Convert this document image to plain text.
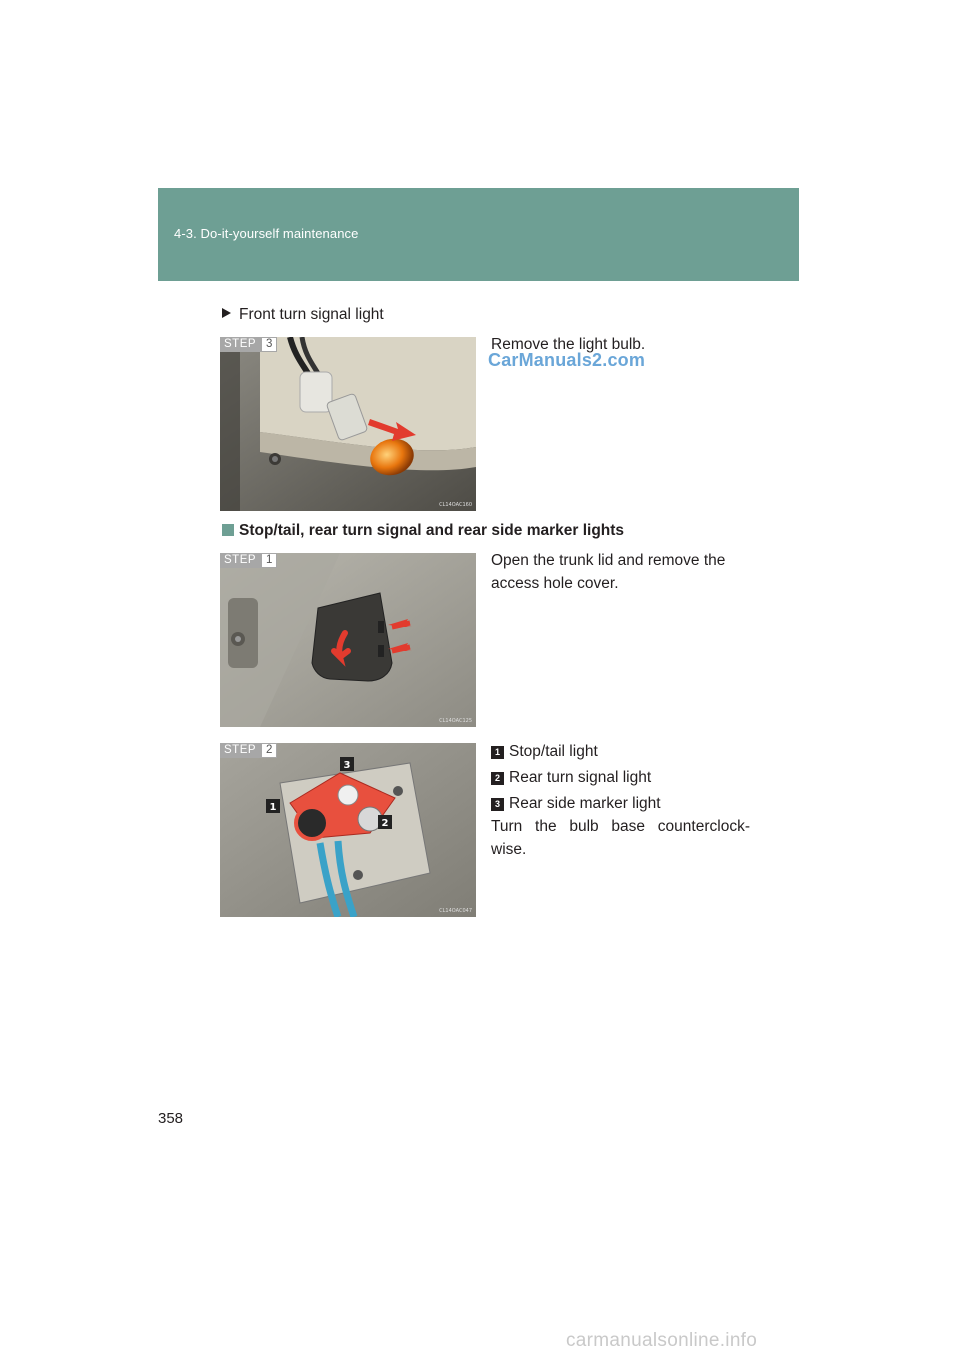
4-3. Do-it-yourself maintenance
Front turn signal light
STEP 3
CL14OAC160
Remove the light bulb.
CarManuals2.com
Stop/tail, rear turn signal and rear side marker lights
STEP 1
CL14OAC125
Open the trunk lid and remove the access hole cover.
1
2
3
STEP 2
CL14OAC047
1 Stop/tail light
2 Rear turn signal light
3 Rear side marker light
Turn the bulb base counterclock-wise.
358
carmanualsonline.info
